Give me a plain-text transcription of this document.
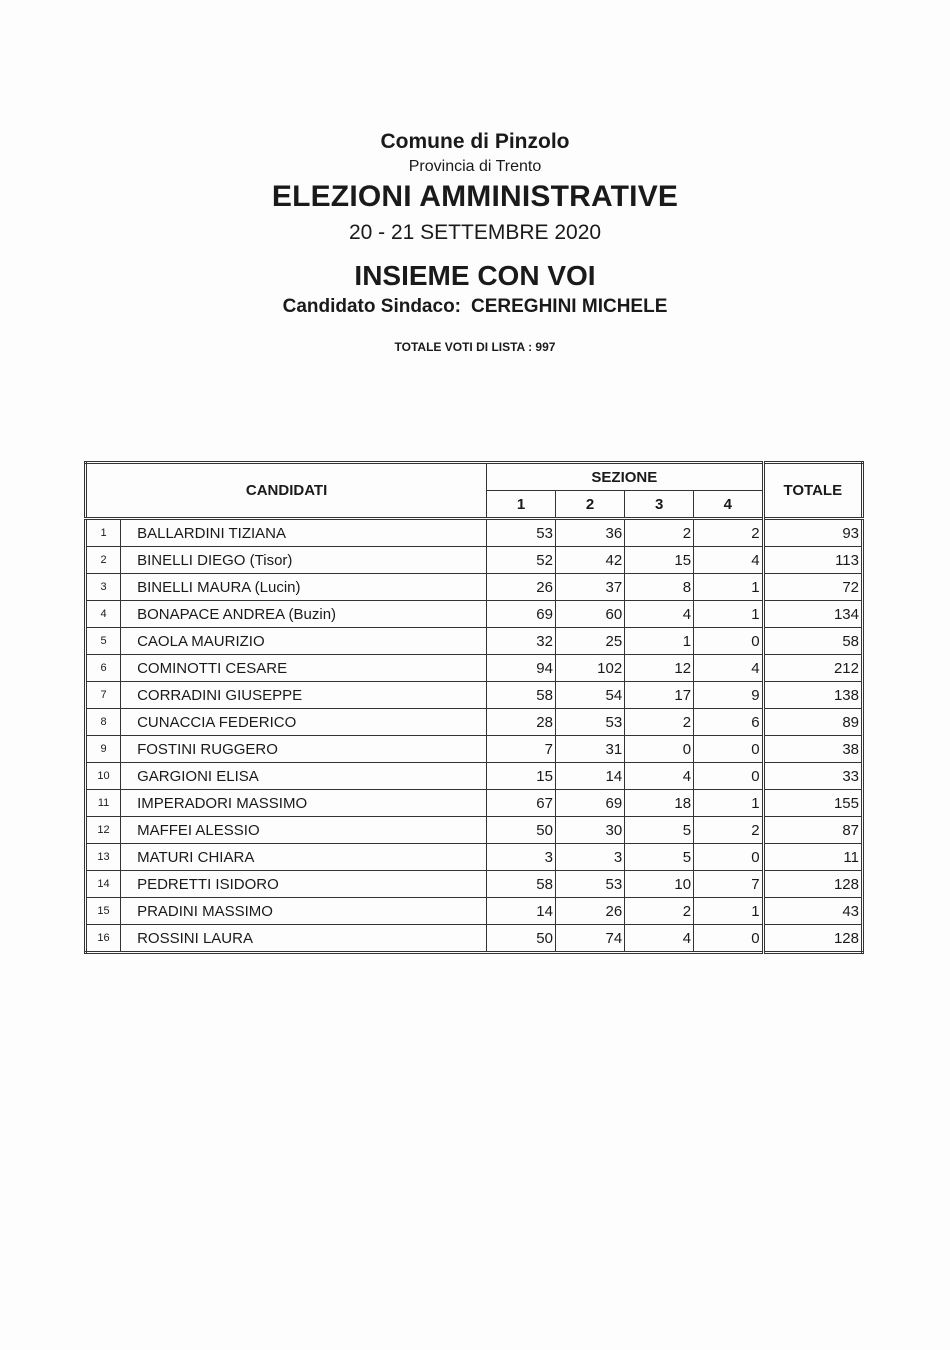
Comune di Pinzolo
Provincia di Trento
ELEZIONI AMMINISTRATIVE
20 - 21 SETTEMBRE 2020
INSIEME CON VOI
Candidato Sindaco: CEREGHINI MICHELE
TOTALE VOTI DI LISTA : 997
CANDIDATI		SEZIONE				TOTALE
		1	2	3	4	
1	BALLARDINI TIZIANA	53	36	2	2	93
2	BINELLI DIEGO (Tisor)	52	42	15	4	113
3	BINELLI MAURA (Lucin)	26	37	8	1	72
4	BONAPACE ANDREA (Buzin)	69	60	4	1	134
5	CAOLA MAURIZIO	32	25	1	0	58
6	COMINOTTI CESARE	94	102	12	4	212
7	CORRADINI GIUSEPPE	58	54	17	9	138
8	CUNACCIA FEDERICO	28	53	2	6	89
9	FOSTINI RUGGERO	7	31	0	0	38
10	GARGIONI ELISA	15	14	4	0	33
11	IMPERADORI MASSIMO	67	69	18	1	155
12	MAFFEI ALESSIO	50	30	5	2	87
13	MATURI CHIARA	3	3	5	0	11
14	PEDRETTI ISIDORO	58	53	10	7	128
15	PRADINI MASSIMO	14	26	2	1	43
16	ROSSINI LAURA	50	74	4	0	128
